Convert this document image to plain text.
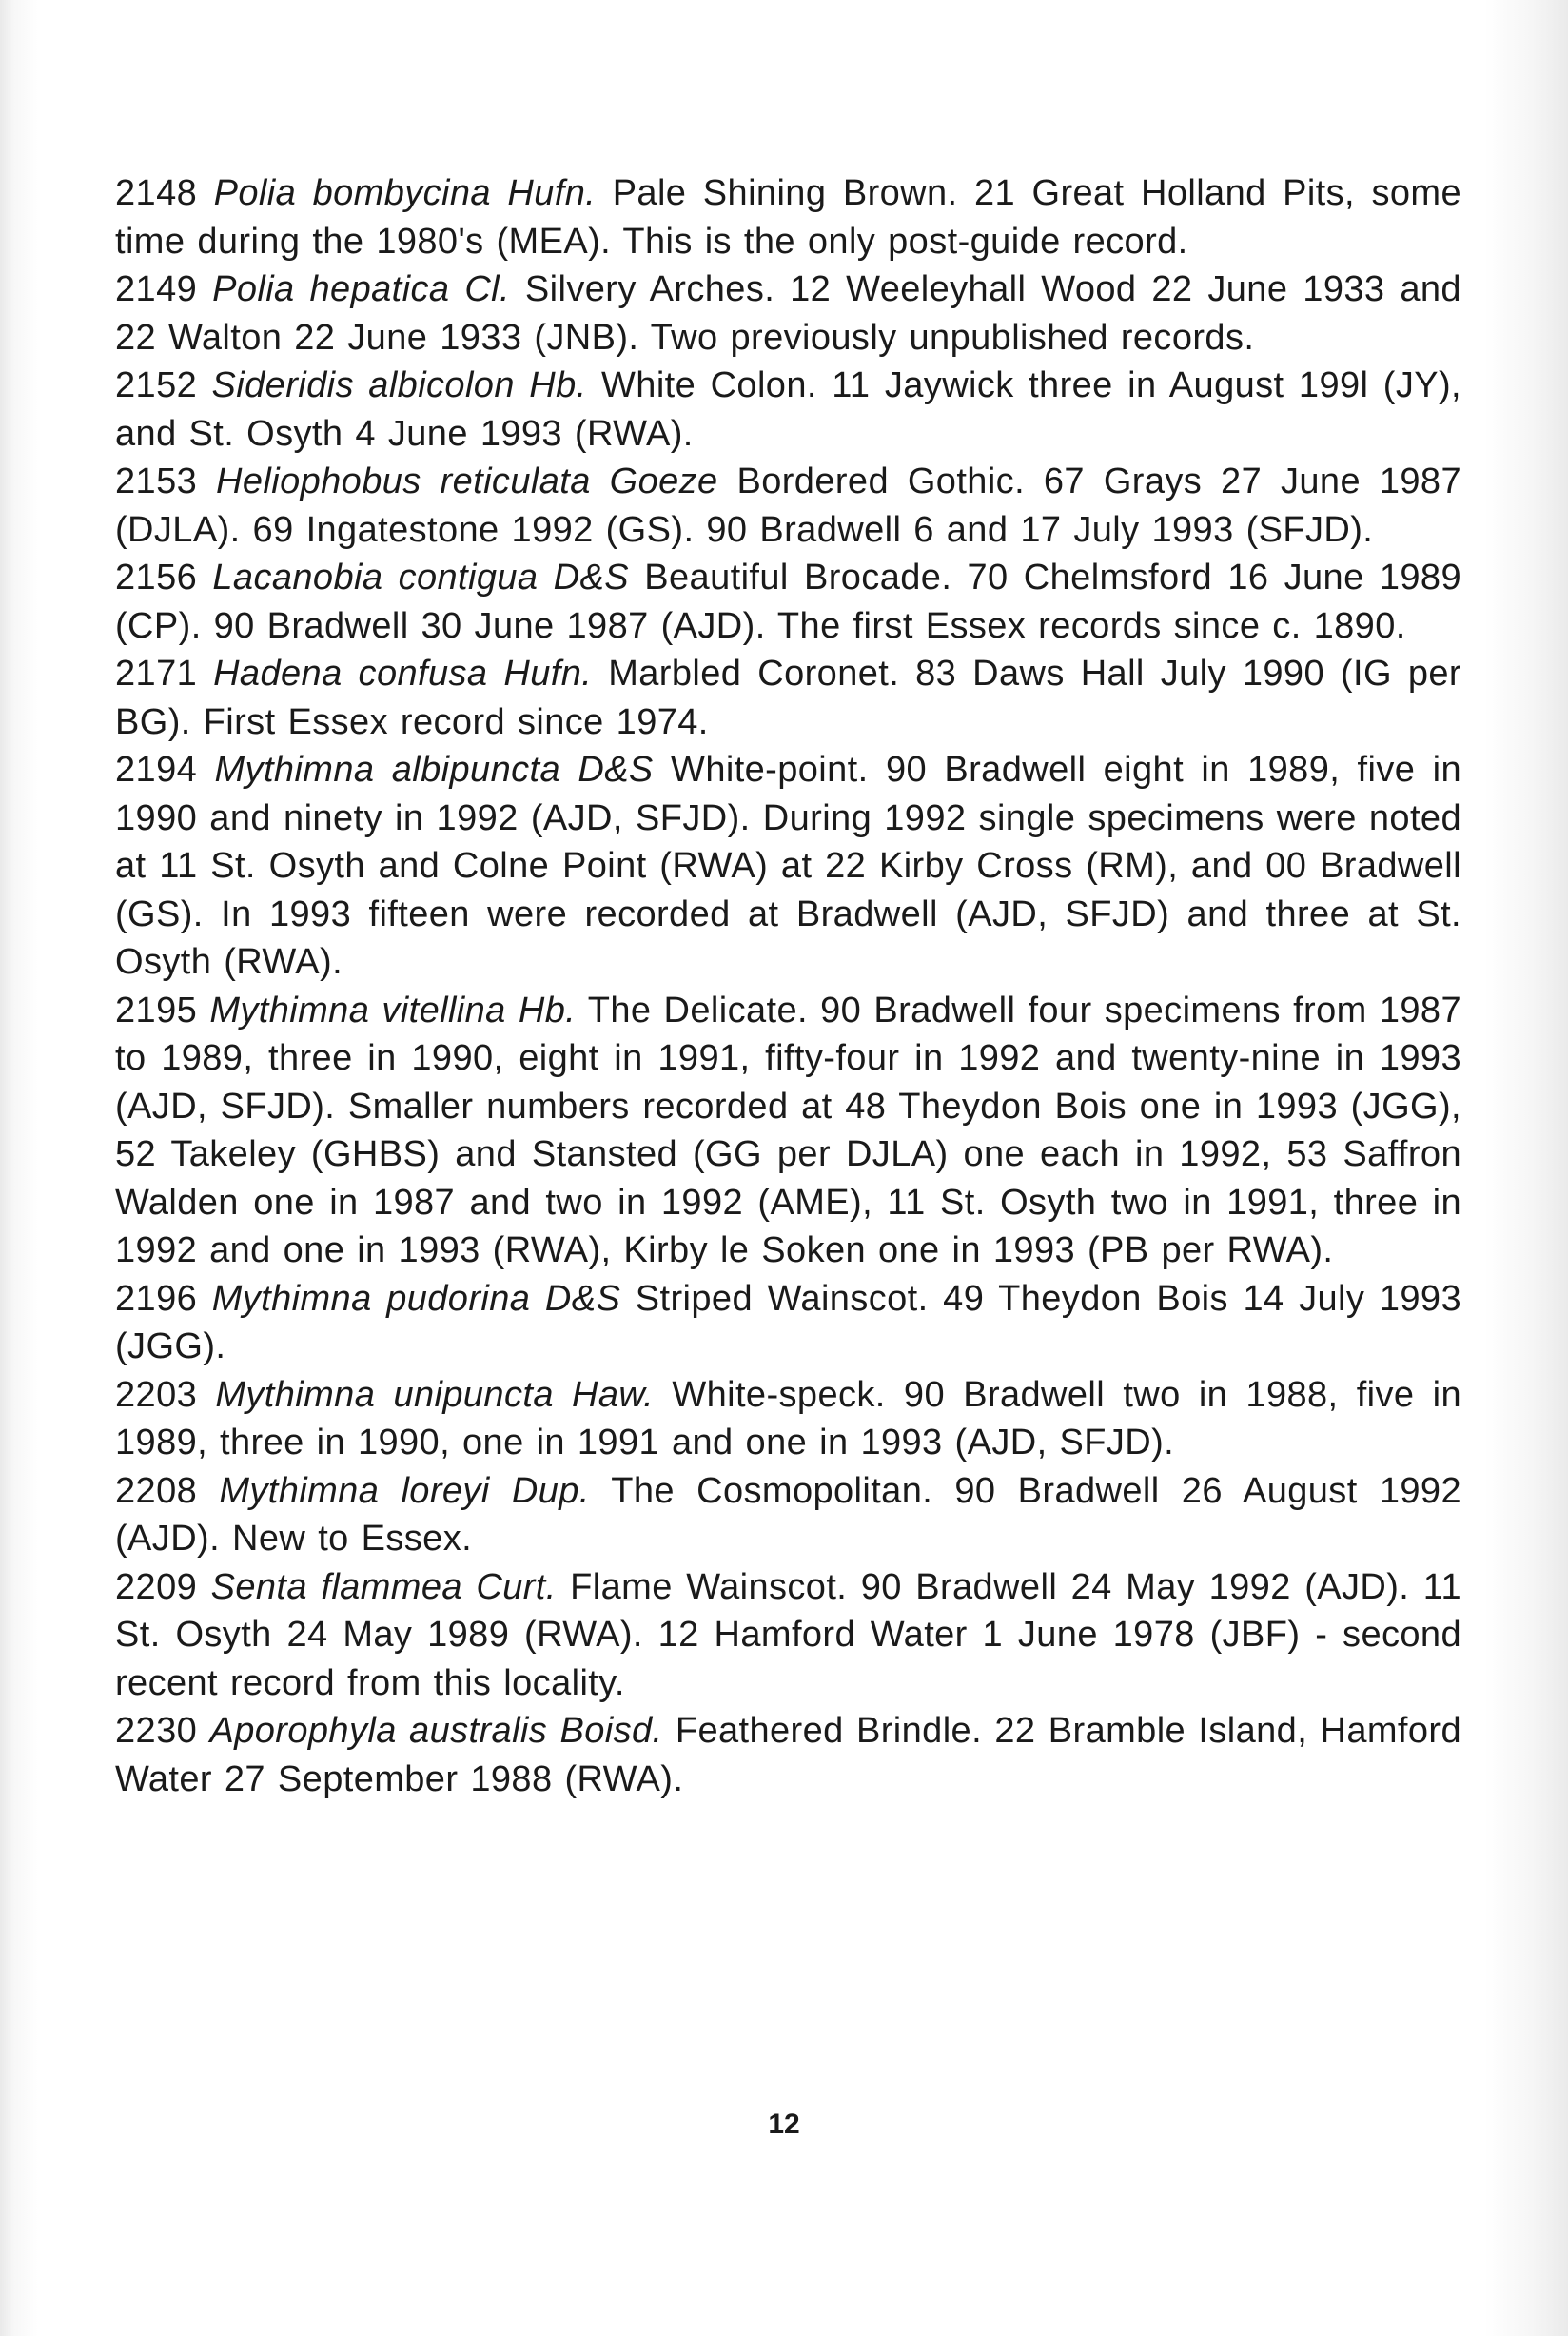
2148 Polia bombycina Hufn. Pale Shining Brown. 21 Great Holland Pits, some time during the 1980's (MEA). This is the only post-guide record.

2149 Polia hepatica Cl. Silvery Arches. 12 Weeleyhall Wood 22 June 1933 and 22 Walton 22 June 1933 (JNB). Two previously unpublished records.

2152 Sideridis albicolon Hb. White Colon. 11 Jaywick three in August 199l (JY), and St. Osyth 4 June 1993 (RWA).

2153 Heliophobus reticulata Goeze Bordered Gothic. 67 Grays 27 June 1987 (DJLA). 69 Ingatestone 1992 (GS). 90 Bradwell 6 and 17 July 1993 (SFJD).

2156 Lacanobia contigua D&S Beautiful Brocade. 70 Chelmsford 16 June 1989 (CP). 90 Bradwell 30 June 1987 (AJD). The first Essex records since c. 1890.

2171 Hadena confusa Hufn. Marbled Coronet. 83 Daws Hall July 1990 (IG per BG). First Essex record since 1974.

2194 Mythimna albipuncta D&S White-point. 90 Bradwell eight in 1989, five in 1990 and ninety in 1992 (AJD, SFJD). During 1992 single specimens were noted at 11 St. Osyth and Colne Point (RWA) at 22 Kirby Cross (RM), and 00 Bradwell (GS). In 1993 fifteen were recorded at Bradwell (AJD, SFJD) and three at St. Osyth (RWA).

2195 Mythimna vitellina Hb. The Delicate. 90 Bradwell four specimens from 1987 to 1989, three in 1990, eight in 1991, fifty-four in 1992 and twenty-nine in 1993 (AJD, SFJD). Smaller numbers recorded at 48 Theydon Bois one in 1993 (JGG), 52 Takeley (GHBS) and Stansted (GG per DJLA) one each in 1992, 53 Saffron Walden one in 1987 and two in 1992 (AME), 11 St. Osyth two in 1991, three in 1992 and one in 1993 (RWA), Kirby le Soken one in 1993 (PB per RWA).

2196 Mythimna pudorina D&S Striped Wainscot. 49 Theydon Bois 14 July 1993 (JGG).

2203 Mythimna unipuncta Haw. White-speck. 90 Bradwell two in 1988, five in 1989, three in 1990, one in 1991 and one in 1993 (AJD, SFJD).

2208 Mythimna loreyi Dup. The Cosmopolitan. 90 Bradwell 26 August 1992 (AJD). New to Essex.

2209 Senta flammea Curt. Flame Wainscot. 90 Bradwell 24 May 1992 (AJD). 11 St. Osyth 24 May 1989 (RWA). 12 Hamford Water 1 June 1978 (JBF) - second recent record from this locality.

2230 Aporophyla australis Boisd. Feathered Brindle. 22 Bramble Island, Hamford Water 27 September 1988 (RWA).

12
